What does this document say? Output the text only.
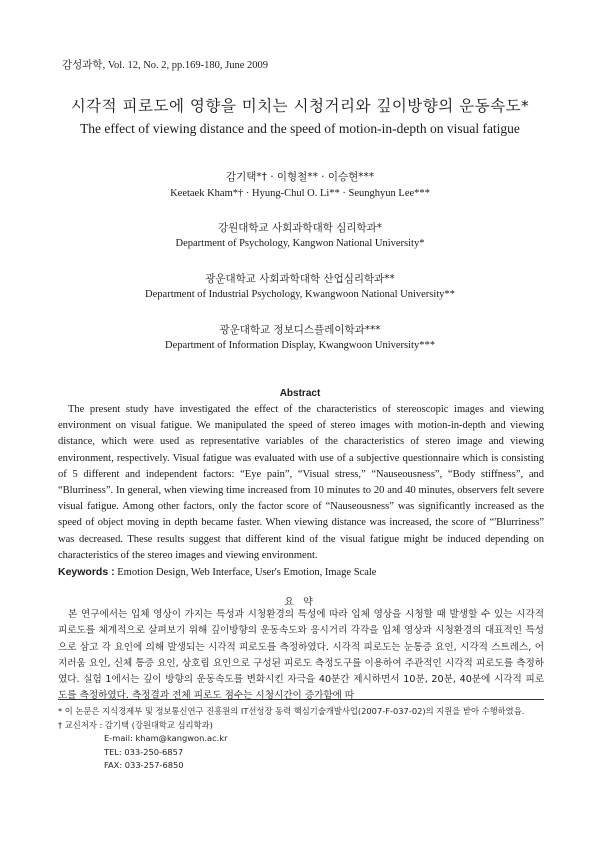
감성과학, Vol. 12, No. 2, pp.169-180, June 2009
시각적 피로도에 영향을 미치는 시청거리와 깊이방향의 운동속도*
The effect of viewing distance and the speed of motion-in-depth on visual fatigue
감기택*† · 이형철** · 이승현***
Keetaek Kham*† · Hyung-Chul O. Li** · Seunghyun Lee***
강원대학교 사회과학대학 심리학과*
Department of Psychology, Kangwon National University*
광운대학교 사회과학대학 산업심리학과**
Department of Industrial Psychology, Kwangwoon National University**
광운대학교 정보디스플레이학과***
Department of Information Display, Kwangwoon University***
Abstract

The present study have investigated the effect of the characteristics of stereoscopic images and viewing environment on visual fatigue. We manipulated the speed of stereo images with motion-in-depth and viewing distance, which were used as representative variables of the characteristics of stereo image and viewing environment, respectively. Visual fatigue was evaluated with use of a subjective questionnaire which is consisting of 5 different and independent factors: “Eye pain”, “Visual stress,” “Nauseousness”, “Body stiffness”, and “Blurriness”. In general, when viewing time increased from 10 minutes to 20 and 40 minutes, observers felt severe visual fatigue. Among other factors, only the factor score of “Nauseousness” was significantly increased as the speed of object moving in depth became faster. When viewing distance was increased, the score of “'Blurriness” was decreased. These results suggest that different kind of the visual fatigue might be induced depending on characteristics of the stereo images and viewing environment.

Keywords : Emotion Design, Web Interface, User's Emotion, Image Scale
요 약

본 연구에서는 입체 영상이 가지는 특성과 시청환경의 특성에 따라 입체 영상을 시청할 때 발생할 수 있는 시각적 피로도를 체계적으로 살펴보기 위해 깊이방향의 운동속도와 응시거리 각각을 입체 영상과 시청환경의 대표적인 특성으로 삼고 각 요인에 의해 발생되는 시각적 피로도를 측정하였다. 시각적 피로도는 눈통증 요인, 시각적 스트레스, 어지러움 요인, 신체 통증 요인, 상호립 요인으로 구성된 피로도 측정도구를 이용하여 주관적인 시각적 피로도를 측정하였다. 실험 1에서는 깊이 방향의 운동속도를 변화시킨 자극을 40분간 제시하면서 10분, 20분, 40분에 시각적 피로도를 측정하였다. 측정결과 전체 피로도 점수는 시청시간이 증가함에 따

* 이 논문은 지식경제부 및 정보통신연구 진흥원의 IT선성장 동력 핵심기술개발사업(2007-F-037-02)의 지원을 받아 수행하였음.

† 교신저자 : 감기택 (강원대학교 심리학과)

E-mail: kham@kangwon.ac.kr

TEL: 033-250-6857

FAX: 033-257-6850
